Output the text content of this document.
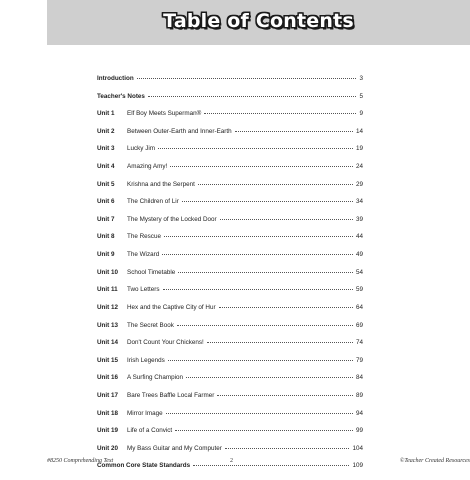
Table of Contents
Introduction	3
Teacher's Notes	5
Unit 1	Elf Boy Meets Superman®	9
Unit 2	Between Outer-Earth and Inner-Earth	14
Unit 3	Lucky Jim	19
Unit 4	Amazing Amy!	24
Unit 5	Krishna and the Serpent	29
Unit 6	The Children of Lir	34
Unit 7	The Mystery of the Locked Door	39
Unit 8	The Rescue	44
Unit 9	The Wizard	49
Unit 10	School Timetable	54
Unit 11	Two Letters	59
Unit 12	Hex and the Captive City of Hur	64
Unit 13	The Secret Book	69
Unit 14	Don't Count Your Chickens!	74
Unit 15	Irish Legends	79
Unit 16	A Surfing Champion	84
Unit 17	Bare Trees Baffle Local Farmer	89
Unit 18	Mirror Image	94
Unit 19	Life of a Convict	99
Unit 20	My Bass Guitar and My Computer	104
Common Core State Standards	109
#8250 Comprehending Text	2	©Teacher Created Resources
